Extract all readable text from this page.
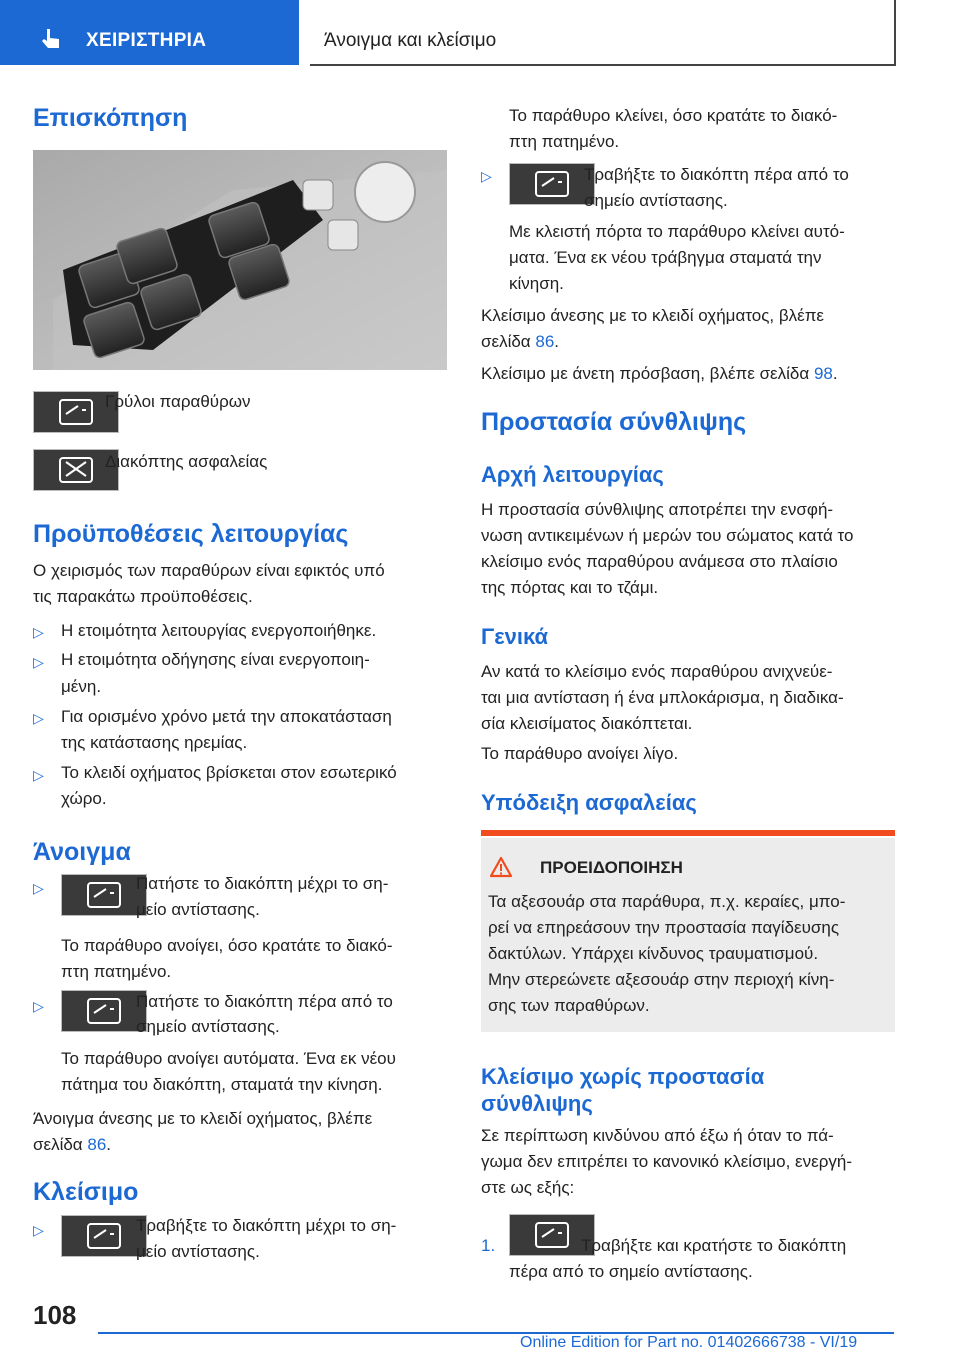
ΧΕΙΡΙΣΤΗΡΙΑ	Άνοιγμα και κλείσιμο
Επισκόπηση
Γρύλοι παραθύρων
Διακόπτης ασφαλείας
Προϋποθέσεις λειτουργίας
Ο χειρισμός των παραθύρων είναι εφικτός υπό
τις παρακάτω προϋποθέσεις.
▷ Η ετοιμότητα λειτουργίας ενεργοποιήθηκε.
▷ Η ετοιμότητα οδήγησης είναι ενεργοποιη-
μένη.
▷ Για ορισμένο χρόνο μετά την αποκατάσταση
της κατάστασης ηρεμίας.
▷ Το κλειδί οχήματος βρίσκεται στον εσωτερικό
χώρο.
Άνοιγμα
▷	Πατήστε το διακόπτη μέχρι το ση-
μείο αντίστασης.
Το παράθυρο ανοίγει, όσο κρατάτε το διακό-
πτη πατημένο.
▷	Πατήστε το διακόπτη πέρα από το
σημείο αντίστασης.
Το παράθυρο ανοίγει αυτόματα. Ένα εκ νέου
πάτημα του διακόπτη, σταματά την κίνηση.
Άνοιγμα άνεσης με το κλειδί οχήματος, βλέπε
σελίδα 86.
Κλείσιμο
▷	Τραβήξτε το διακόπτη μέχρι το ση-
μείο αντίστασης.
Το παράθυρο κλείνει, όσο κρατάτε το διακό-
πτη πατημένο.
▷	Τραβήξτε το διακόπτη πέρα από το
σημείο αντίστασης.
Με κλειστή πόρτα το παράθυρο κλείνει αυτό-
ματα. Ένα εκ νέου τράβηγμα σταματά την
κίνηση.
Κλείσιμο άνεσης με το κλειδί οχήματος, βλέπε
σελίδα 86.
Κλείσιμο με άνετη πρόσβαση, βλέπε σελίδα 98.
Προστασία σύνθλιψης
Αρχή λειτουργίας
Η προστασία σύνθλιψης αποτρέπει την ενσφή-
νωση αντικειμένων ή μερών του σώματος κατά το
κλείσιμο ενός παραθύρου ανάμεσα στο πλαίσιο
της πόρτας και το τζάμι.
Γενικά
Αν κατά το κλείσιμο ενός παραθύρου ανιχνεύε-
ται μια αντίσταση ή ένα μπλοκάρισμα, η διαδικα-
σία κλεισίματος διακόπτεται.
Το παράθυρο ανοίγει λίγο.
Υπόδειξη ασφαλείας
ΠΡΟΕΙΔΟΠΟΙΗΣΗ
Τα αξεσουάρ στα παράθυρα, π.χ. κεραίες, μπο-
ρεί να επηρεάσουν την προστασία παγίδευσης
δακτύλων. Υπάρχει κίνδυνος τραυματισμού.
Μην στερεώνετε αξεσουάρ στην περιοχή κίνη-
σης των παραθύρων.
Κλείσιμο χωρίς προστασία
σύνθλιψης
Σε περίπτωση κινδύνου από έξω ή όταν το πά-
γωμα δεν επιτρέπει το κανονικό κλείσιμο, ενεργή-
στε ως εξής:
1.	Τραβήξτε και κρατήστε το διακόπτη
πέρα από το σημείο αντίστασης.
108
Online Edition for Part no. 01402666738 - VI/19
